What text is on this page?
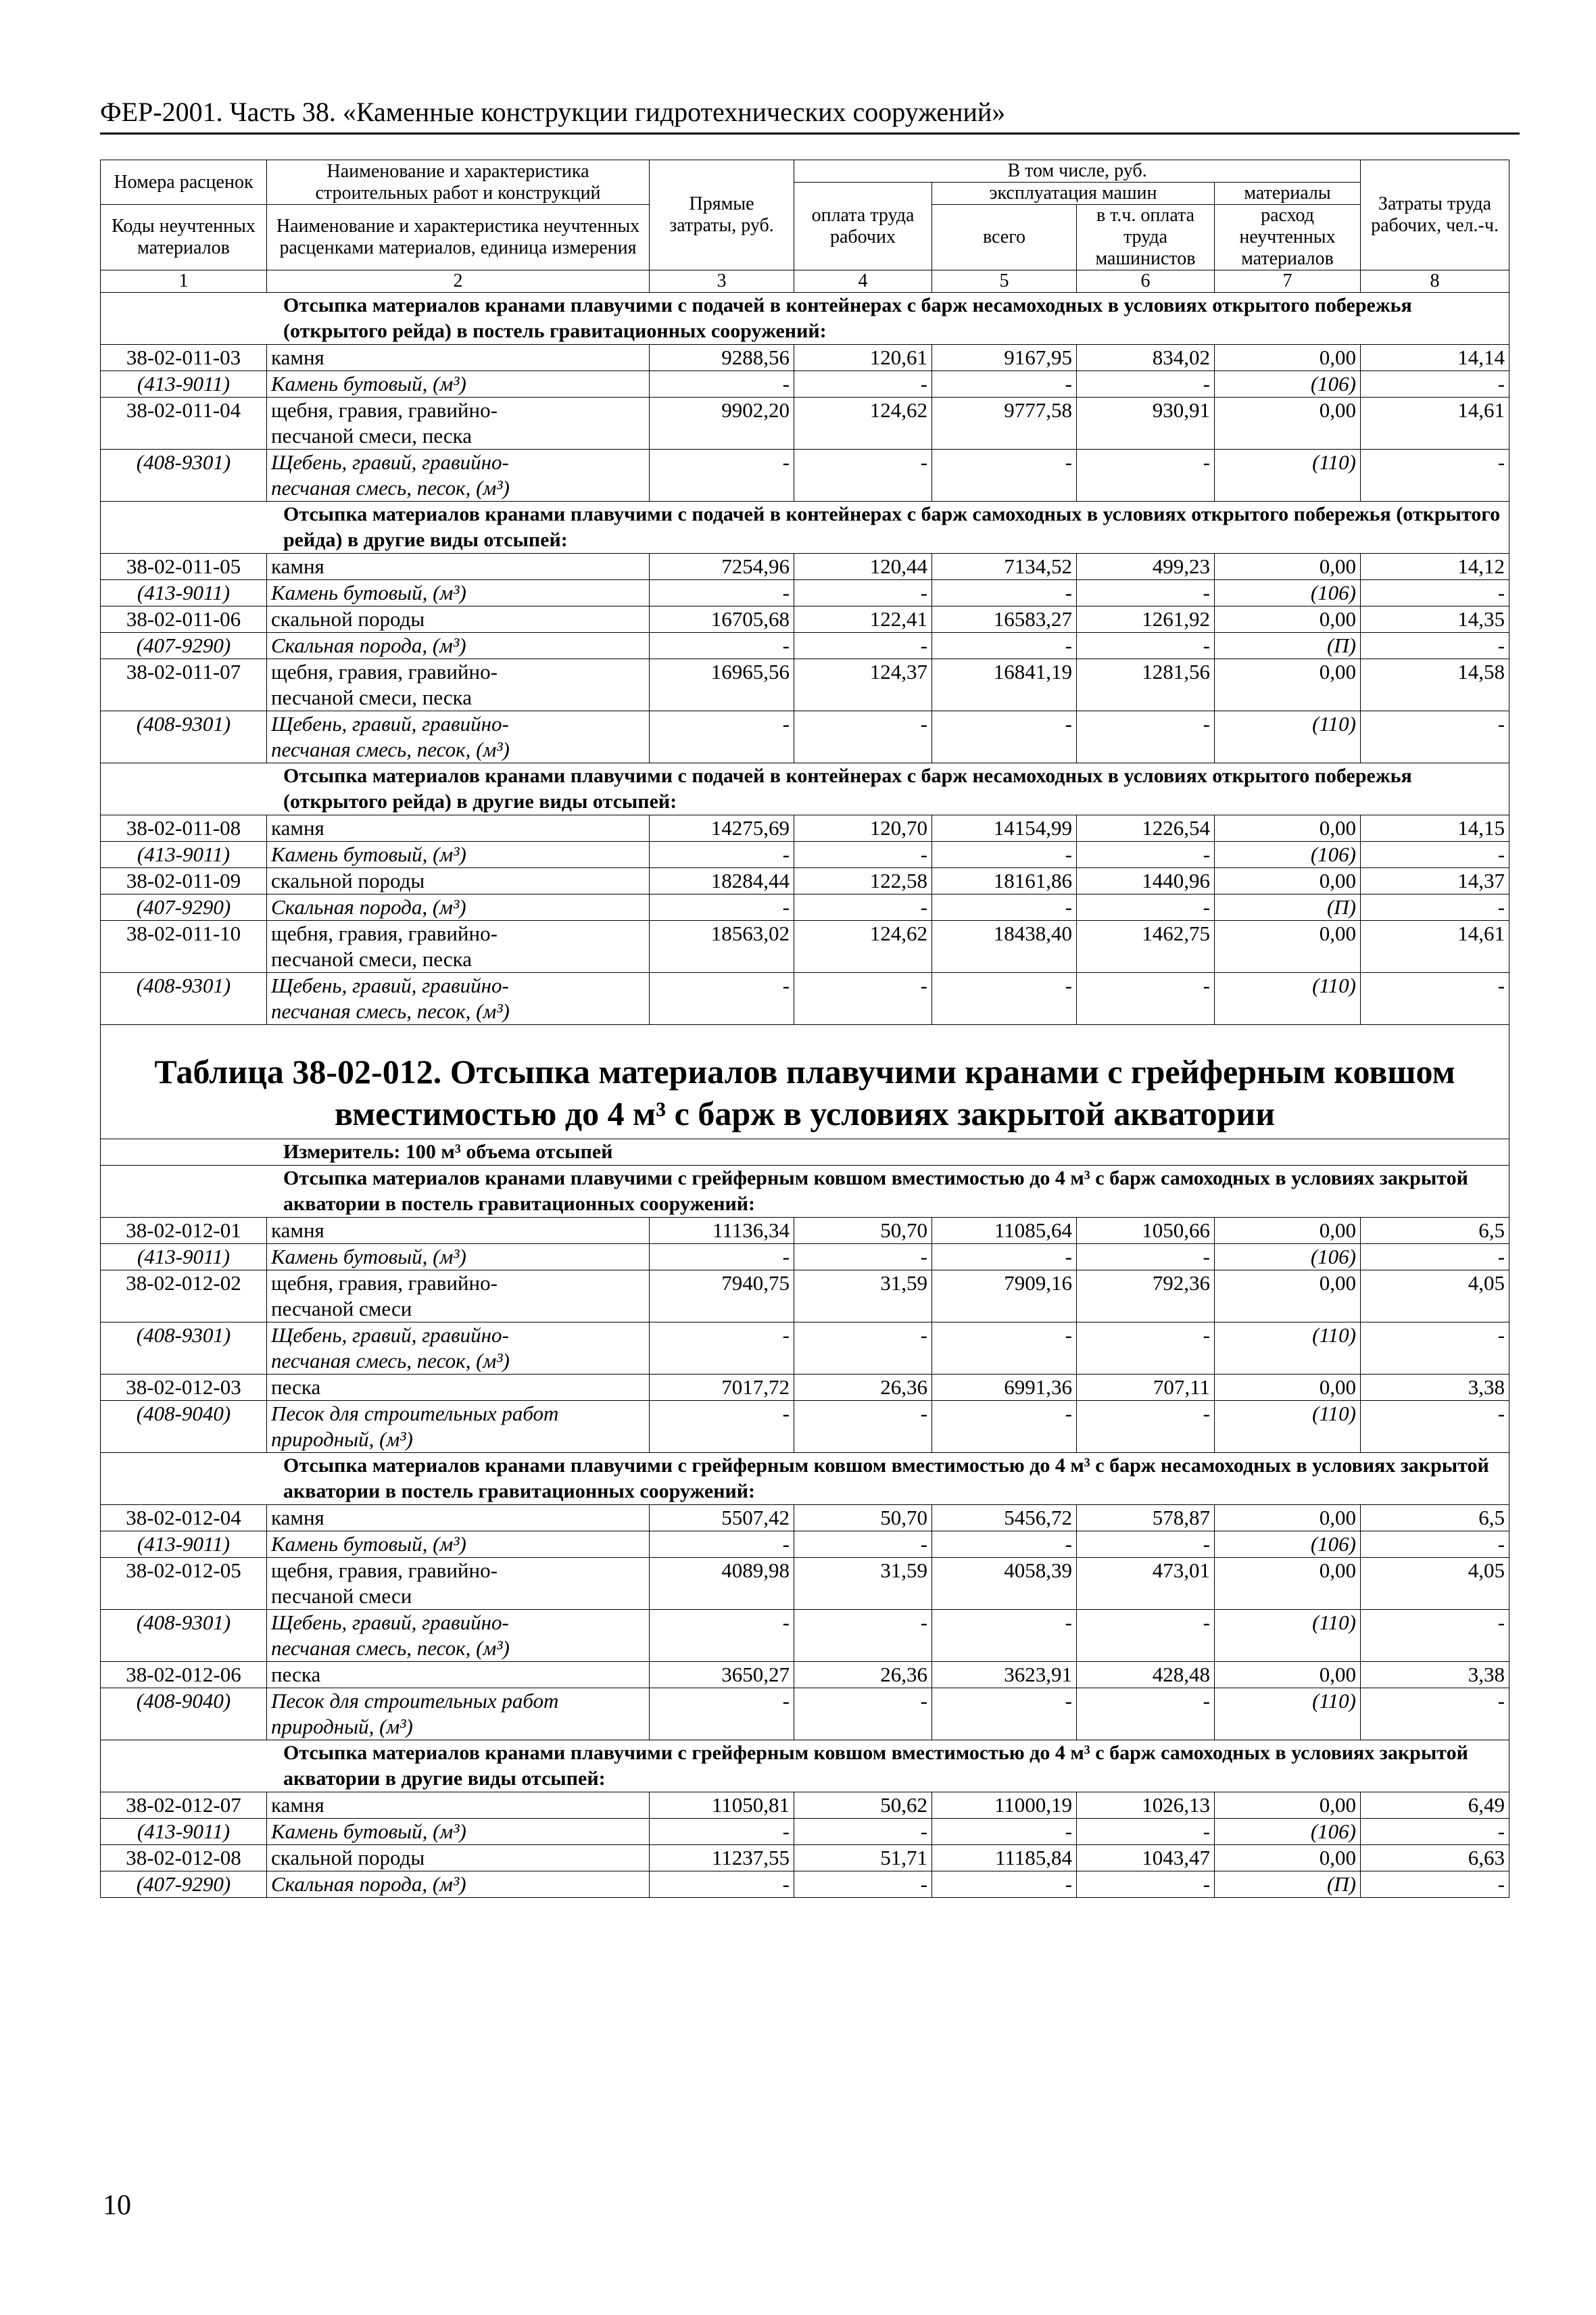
ФЕР-2001. Часть 38. «Каменные конструкции гидротехнических сооружений»
Номера расценок	Наименование и характеристика строительных работ и конструкций	Прямые затраты, руб.	В том числе, руб.				Затраты труда рабочих, чел.-ч.
			оплата труда рабочих	эксплуатация машин		материалы	
Коды неучтенных материалов	Наименование и характеристика неучтенных расценками материалов, единица измерения			всего	в т.ч. оплата труда машинистов	расход неучтенных материалов	

1	2	3	4	5	6	7	8
Отсыпка материалов кранами плавучими с подачей в контейнерах с барж несамоходных в условиях открытого побережья (открытого рейда) в постель гравитационных сооружений:							
38-02-011-03	камня	9288,56	120,61	9167,95	834,02	0,00	14,14
(413-9011)	Камень бутовый, (м³)	-	-	-	-	(106)	-
38-02-011-04	щебня, гравия, гравийно-
песчаной смеси, песка	9902,20	124,62	9777,58	930,91	0,00	14,61
(408-9301)	Щебень, гравий, гравийно-
песчаная смесь, песок, (м³)	-	-	-	-	(110)	-
Отсыпка материалов кранами плавучими с подачей в контейнерах с барж самоходных в условиях открытого побережья (открытого рейда) в другие виды отсыпей:							
38-02-011-05	камня	7254,96	120,44	7134,52	499,23	0,00	14,12
(413-9011)	Камень бутовый, (м³)	-	-	-	-	(106)	-
38-02-011-06	скальной породы	16705,68	122,41	16583,27	1261,92	0,00	14,35
(407-9290)	Скальная порода, (м³)	-	-	-	-	(П)	-
38-02-011-07	щебня, гравия, гравийно-
песчаной смеси, песка	16965,56	124,37	16841,19	1281,56	0,00	14,58
(408-9301)	Щебень, гравий, гравийно-
песчаная смесь, песок, (м³)	-	-	-	-	(110)	-
Отсыпка материалов кранами плавучими с подачей в контейнерах с барж несамоходных в условиях открытого побережья (открытого рейда) в другие виды отсыпей:							
38-02-011-08	камня	14275,69	120,70	14154,99	1226,54	0,00	14,15
(413-9011)	Камень бутовый, (м³)	-	-	-	-	(106)	-
38-02-011-09	скальной породы	18284,44	122,58	18161,86	1440,96	0,00	14,37
(407-9290)	Скальная порода, (м³)	-	-	-	-	(П)	-
38-02-011-10	щебня, гравия, гравийно-
песчаной смеси, песка	18563,02	124,62	18438,40	1462,75	0,00	14,61
(408-9301)	Щебень, гравий, гравийно-
песчаная смесь, песок, (м³)	-	-	-	-	(110)	-
Таблица 38-02-012. Отсыпка материалов плавучими кранами с грейферным ковшом вместимостью до 4 м³ с барж в условиях закрытой акватории							
Измеритель: 100 м³ объема отсыпей							
Отсыпка материалов кранами плавучими с грейферным ковшом вместимостью до 4 м³ с барж самоходных в условиях закрытой акватории в постель гравитационных сооружений:							
38-02-012-01	камня	11136,34	50,70	11085,64	1050,66	0,00	6,5
(413-9011)	Камень бутовый, (м³)	-	-	-	-	(106)	-
38-02-012-02	щебня, гравия, гравийно-
песчаной смеси	7940,75	31,59	7909,16	792,36	0,00	4,05
(408-9301)	Щебень, гравий, гравийно-
песчаная смесь, песок, (м³)	-	-	-	-	(110)	-
38-02-012-03	песка	7017,72	26,36	6991,36	707,11	0,00	3,38
(408-9040)	Песок для строительных работ
природный, (м³)	-	-	-	-	(110)	-
Отсыпка материалов кранами плавучими с грейферным ковшом вместимостью до 4 м³ с барж несамоходных в условиях закрытой акватории в постель гравитационных сооружений:							
38-02-012-04	камня	5507,42	50,70	5456,72	578,87	0,00	6,5
(413-9011)	Камень бутовый, (м³)	-	-	-	-	(106)	-
38-02-012-05	щебня, гравия, гравийно-
песчаной смеси	4089,98	31,59	4058,39	473,01	0,00	4,05
(408-9301)	Щебень, гравий, гравийно-
песчаная смесь, песок, (м³)	-	-	-	-	(110)	-
38-02-012-06	песка	3650,27	26,36	3623,91	428,48	0,00	3,38
(408-9040)	Песок для строительных работ
природный, (м³)	-	-	-	-	(110)	-
Отсыпка материалов кранами плавучими с грейферным ковшом вместимостью до 4 м³ с барж самоходных в условиях закрытой акватории в другие виды отсыпей:							
38-02-012-07	камня	11050,81	50,62	11000,19	1026,13	0,00	6,49
(413-9011)	Камень бутовый, (м³)	-	-	-	-	(106)	-
38-02-012-08	скальной породы	11237,55	51,71	11185,84	1043,47	0,00	6,63
(407-9290)	Скальная порода, (м³)	-	-	-	-	(П)	-
10
